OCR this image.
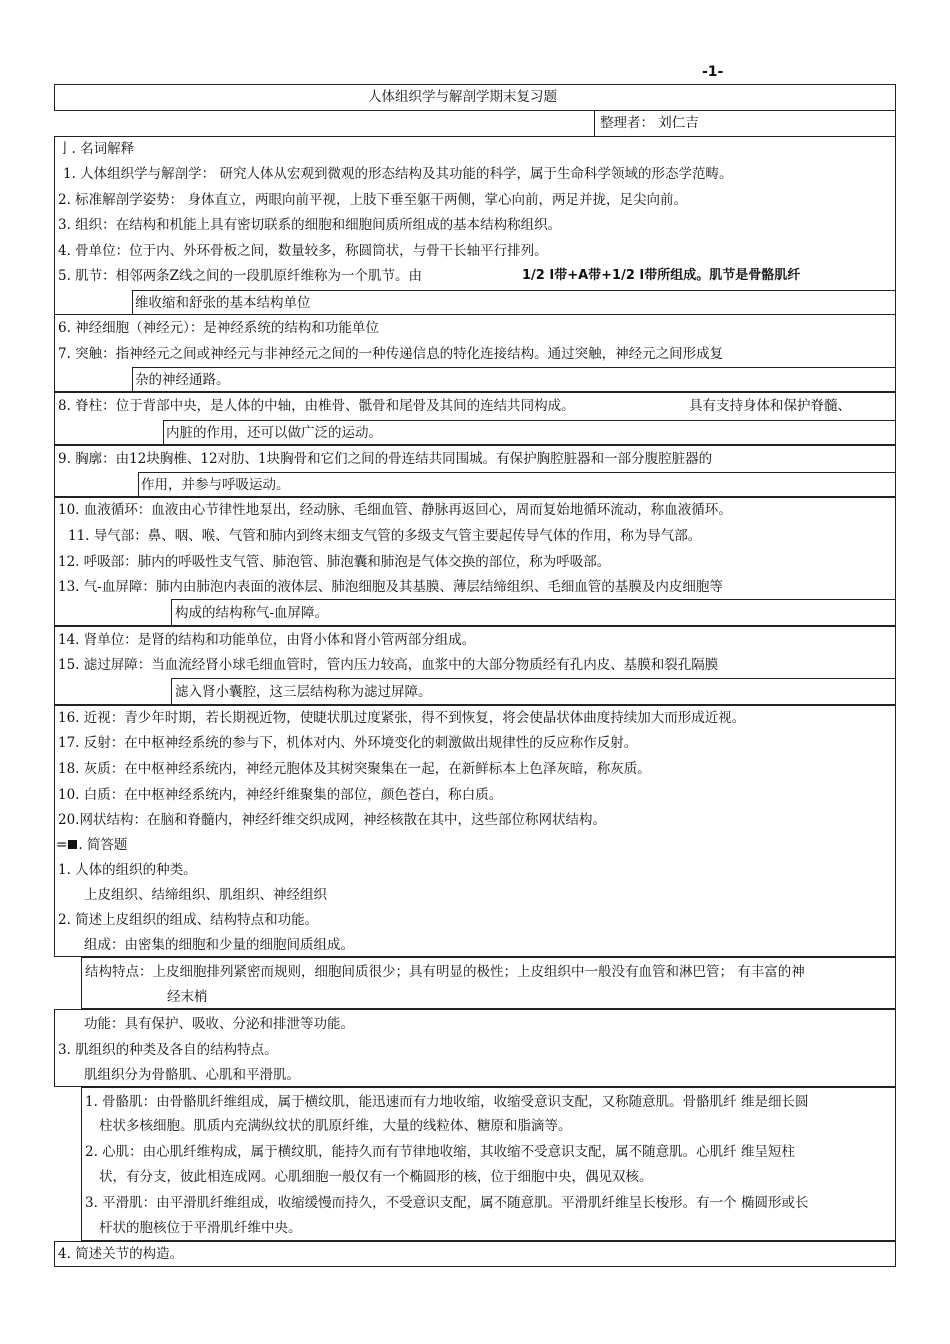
-1-
人体组织学与解剖学期末复习题
整理者： 刘仁吉
亅. 名词解释
1. 人体组织学与解剖学： 研究人体从宏观到微观的形态结构及其功能的科学，属于生命科学领域的形态学范畴。
2. 标准解剖学姿势： 身体直立，两眼向前平视，上肢下垂至躯干两侧，掌心向前，两足并拢，足尖向前。
3. 组织：在结构和机能上具有密切联系的细胞和细胞间质所组成的基本结构称组织。
4. 骨单位：位于内、外环骨板之间，数量较多，称圆筒状，与骨干长轴平行排列。
5. 肌节：相邻两条Z线之间的一段肌原纤维称为一个肌节。由	1/2 I带+A带+1/2 I带所组成。肌节是骨骼肌纤
维收缩和舒张的基本结构单位
6. 神经细胞（神经元）：是神经系统的结构和功能单位
7. 突触：指神经元之间或神经元与非神经元之间的一种传递信息的特化连接结构。通过突触，神经元之间形成复
杂的神经通路。
8. 脊柱：位于背部中央，是人体的中轴，由椎骨、骶骨和尾骨及其间的连结共同构成。	具有支持身体和保护脊髓、
内脏的作用，还可以做广泛的运动。
9. 胸廓：由12块胸椎、12对肋、1块胸骨和它们之间的骨连结共同围城。有保护胸腔脏器和一部分腹腔脏器的
作用，并参与呼吸运动。
10. 血液循环：血液由心节律性地泵出，经动脉、毛细血管、静脉再返回心，周而复始地循环流动，称血液循环。
11. 导气部：鼻、咽、喉、气管和肺内到终末细支气管的多级支气管主要起传导气体的作用，称为导气部。
12. 呼吸部：肺内的呼吸性支气管、肺泡管、肺泡囊和肺泡是气体交换的部位，称为呼吸部。
13. 气-血屏障：肺内由肺泡内表面的液体层、肺泡细胞及其基膜、薄层结缔组织、毛细血管的基膜及内皮细胞等
构成的结构称气-血屏障。
14. 肾单位：是肾的结构和功能单位，由肾小体和肾小管两部分组成。
15. 滤过屏障：当血流经肾小球毛细血管时，管内压力较高，血浆中的大部分物质经有孔内皮、基膜和裂孔隔膜
滤入肾小囊腔，这三层结构称为滤过屏障。
16. 近视：青少年时期，若长期视近物，使睫状肌过度紧张，得不到恢复，将会使晶状体曲度持续加大而形成近视。
17. 反射：在中枢神经系统的参与下，机体对内、外环境变化的刺激做出规律性的反应称作反射。
18. 灰质：在中枢神经系统内，神经元胞体及其树突聚集在一起，在新鲜标本上色泽灰暗，称灰质。
10. 白质：在中枢神经系统内，神经纤维聚集的部位，颜色苍白，称白质。
20.网状结构：在脑和脊髓内，神经纤维交织成网，神经核散在其中，这些部位称网状结构。
= . 简答题
1. 人体的组织的种类。
上皮组织、结缔组织、肌组织、神经组织
2. 简述上皮组织的组成、结构特点和功能。
组成：由密集的细胞和少量的细胞间质组成。
结构特点：上皮细胞排列紧密而规则，细胞间质很少；具有明显的极性；上皮组织中一般没有血管和淋巴管； 有丰富的神
经末梢
功能：具有保护、吸收、分泌和排泄等功能。
3. 肌组织的种类及各自的结构特点。
肌组织分为骨骼肌、心肌和平滑肌。
1. 骨骼肌：由骨骼肌纤维组成，属于横纹肌，能迅速而有力地收缩，收缩受意识支配，又称随意肌。骨骼肌纤 维是细长圆
柱状多核细胞。肌质内充满纵纹状的肌原纤维，大量的线粒体、糖原和脂滴等。
2. 心肌：由心肌纤维构成，属于横纹肌，能持久而有节律地收缩，其收缩不受意识支配，属不随意肌。心肌纤 维呈短柱
状，有分支，彼此相连成网。心肌细胞一般仅有一个椭圆形的核，位于细胞中央，偶见双核。
3. 平滑肌：由平滑肌纤维组成，收缩缓慢而持久，不受意识支配，属不随意肌。平滑肌纤维呈长梭形。有一个 椭圆形或长
杆状的胞核位于平滑肌纤维中央。
4. 简述关节的构造。
